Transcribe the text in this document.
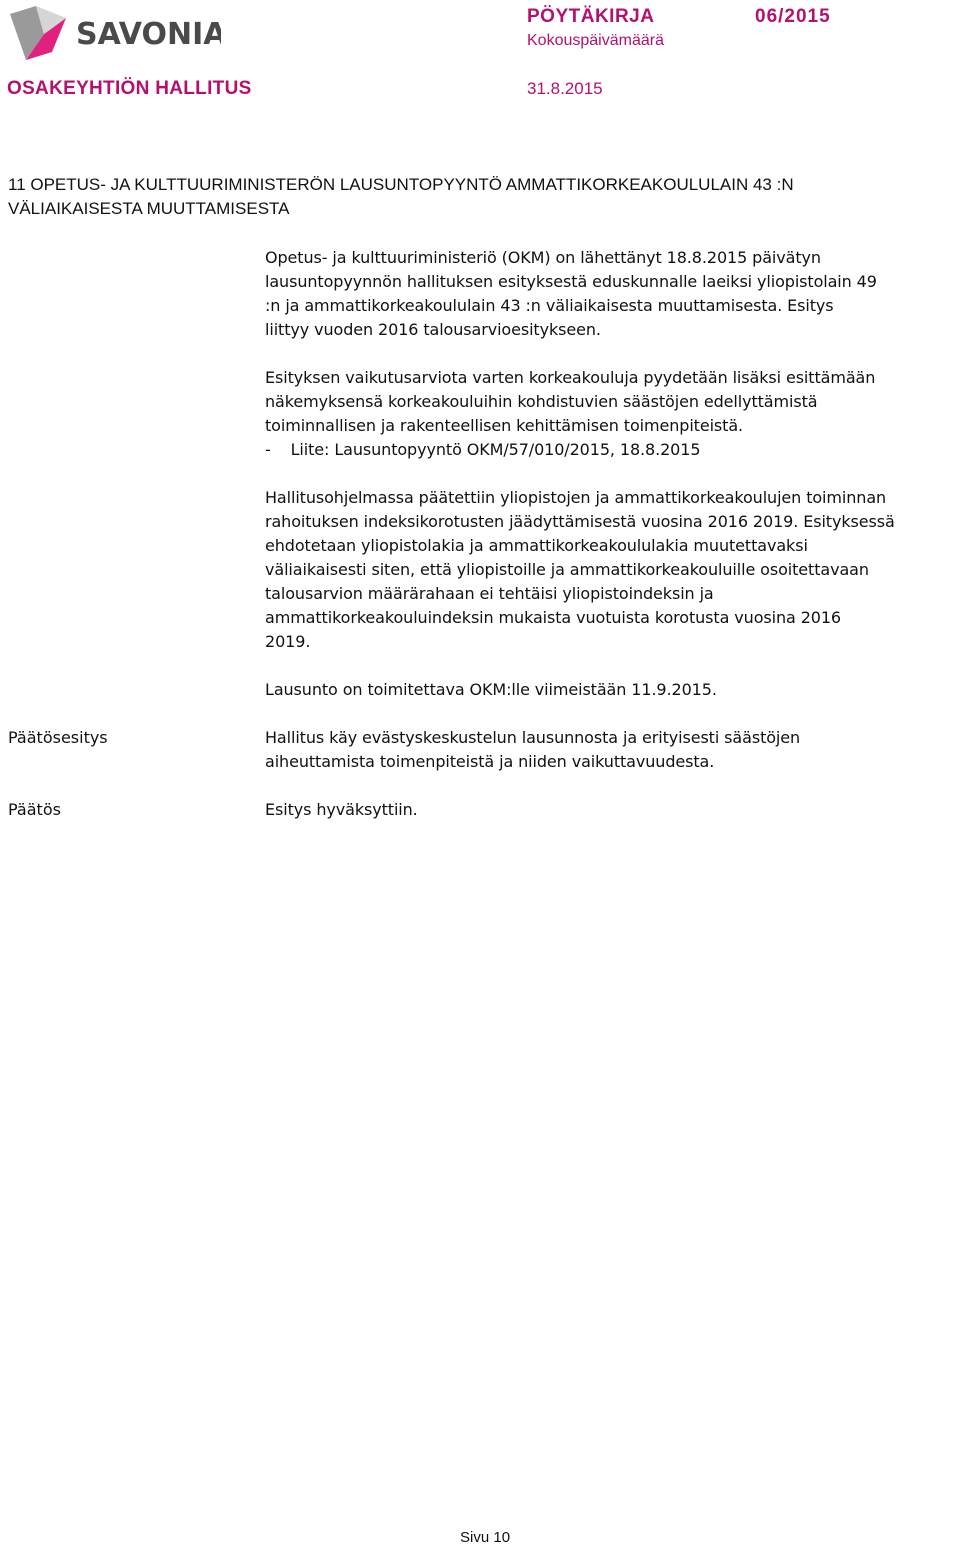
SAVONIA
PÖYTÄKIRJA	06/2015
Kokouspäivämäärä
OSAKEYHTIÖN HALLITUS	31.8.2015
11 OPETUS- JA KULTTUURIMINISTERÖN LAUSUNTOPYYNTÖ AMMATTIKORKEAKOULULAIN 43 :N
VÄLIAIKAISESTA MUUTTAMISESTA
Opetus- ja kulttuuriministeriö (OKM) on lähettänyt 18.8.2015 päivätyn
lausuntopyynnön hallituksen esityksestä eduskunnalle laeiksi yliopistolain 49
:n ja ammattikorkeakoululain 43 :n väliaikaisesta muuttamisesta. Esitys
liittyy vuoden 2016 talousarvioesitykseen.
Esityksen vaikutusarviota varten korkeakouluja pyydetään lisäksi esittämään
näkemyksensä korkeakouluihin kohdistuvien säästöjen edellyttämistä
toiminnallisen ja rakenteellisen kehittämisen toimenpiteistä.
-    Liite: Lausuntopyyntö OKM/57/010/2015, 18.8.2015
Hallitusohjelmassa päätettiin yliopistojen ja ammattikorkeakoulujen toiminnan
rahoituksen indeksikorotusten jäädyttämisestä vuosina 2016 2019. Esityksessä
ehdotetaan yliopistolakia ja ammattikorkeakoululakia muutettavaksi
väliaikaisesti siten, että yliopistoille ja ammattikorkeakouluille osoitettavaan
talousarvion määrärahaan ei tehtäisi yliopistoindeksin ja
ammattikorkeakouluindeksin mukaista vuotuista korotusta vuosina 2016
2019.
Lausunto on toimitettava OKM:lle viimeistään 11.9.2015.
Päätösesitys	Hallitus käy evästyskeskustelun lausunnosta ja erityisesti säästöjen
aiheuttamista toimenpiteistä ja niiden vaikuttavuudesta.
Päätös	Esitys hyväksyttiin.
Sivu 10
